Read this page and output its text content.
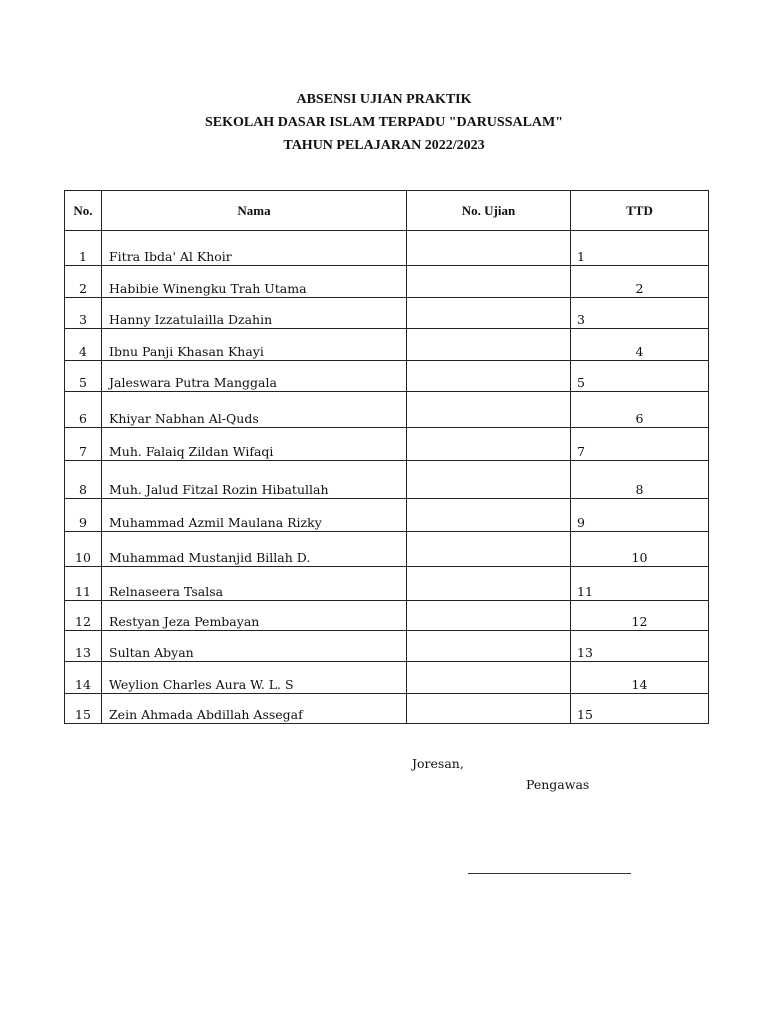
ABSENSI UJIAN PRAKTIK
SEKOLAH DASAR ISLAM TERPADU "DARUSSALAM"
TAHUN PELAJARAN 2022/2023
No.	Nama	No. Ujian	TTD
1	Fitra Ibda' Al Khoir		1
2	Habibie Winengku Trah Utama		2
3	Hanny Izzatulailla Dzahin		3
4	Ibnu Panji Khasan Khayi		4
5	Jaleswara Putra Manggala		5
6	Khiyar Nabhan Al-Quds		6
7	Muh. Falaiq Zildan Wifaqi		7
8	Muh. Jalud Fitzal Rozin Hibatullah		8
9	Muhammad Azmil Maulana Rizky		9
10	Muhammad Mustanjid Billah D.		10
11	Relnaseera Tsalsa		11
12	Restyan Jeza Pembayan		12
13	Sultan Abyan		13
14	Weylion Charles Aura W. L. S		14
15	Zein Ahmada Abdillah Assegaf		15
Joresan,
Pengawas
